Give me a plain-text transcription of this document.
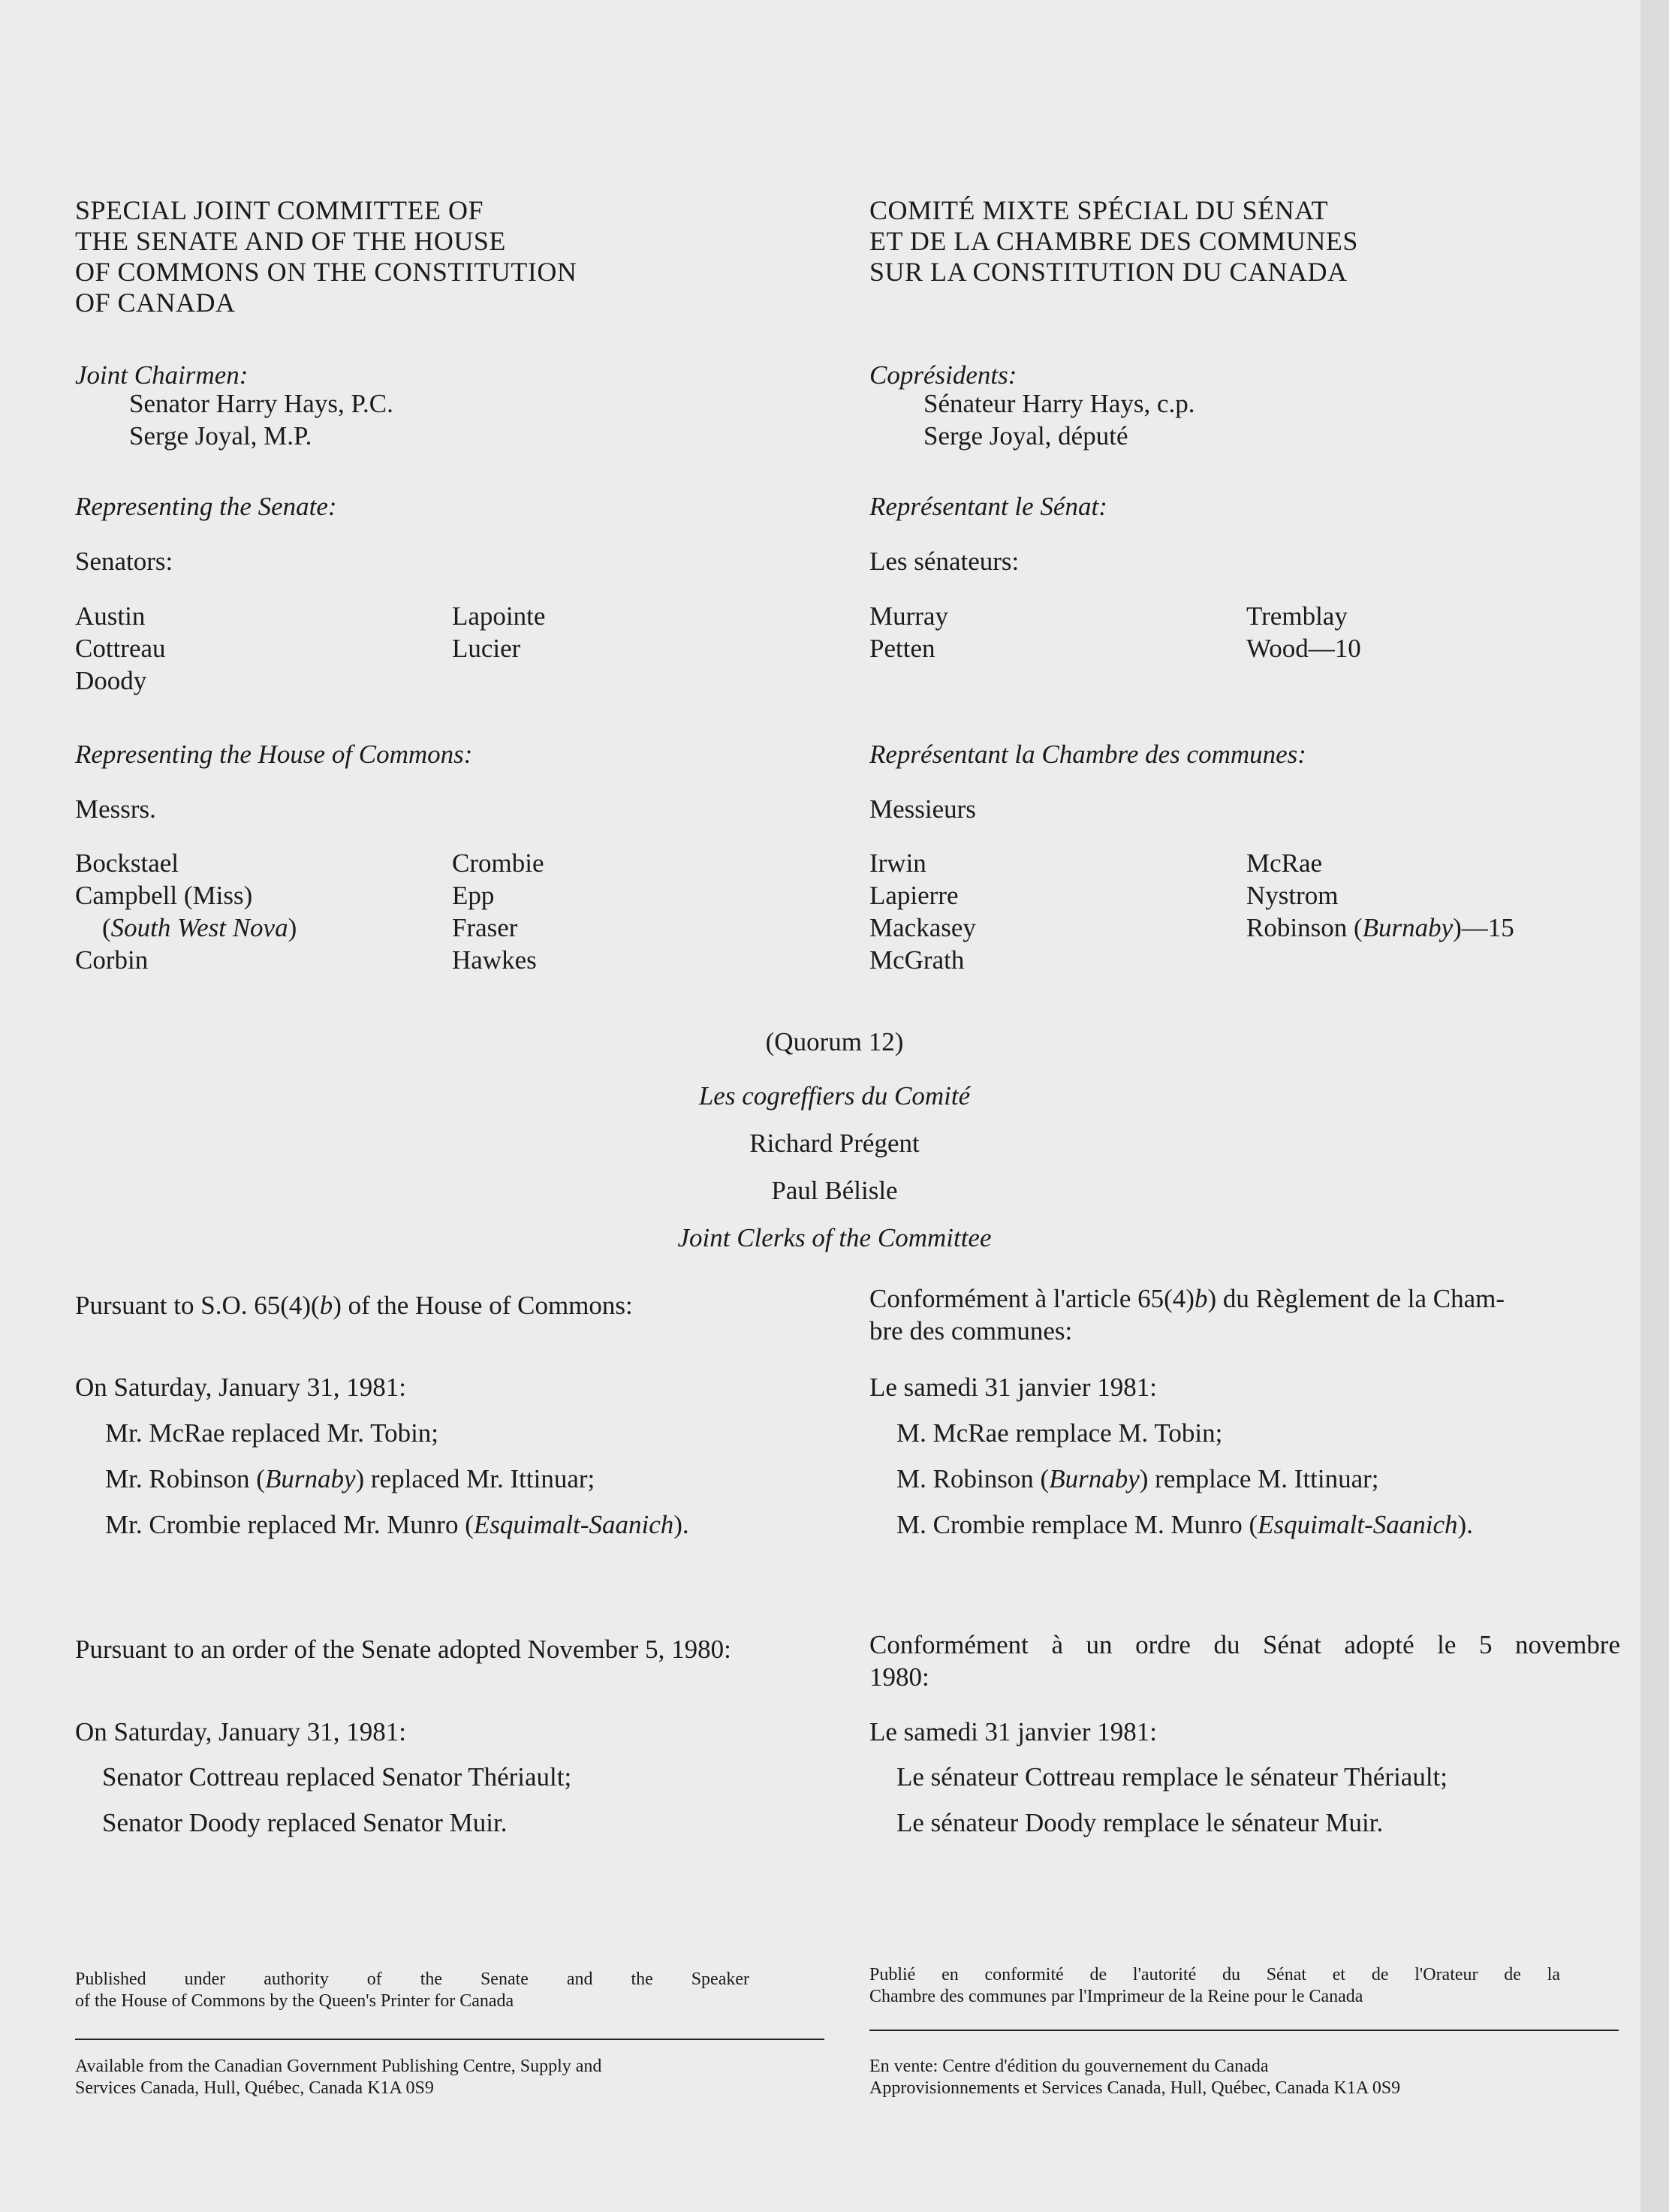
SPECIAL JOINT COMMITTEE OF
THE SENATE AND OF THE HOUSE
OF COMMONS ON THE CONSTITUTION
OF CANADA
Joint Chairmen:
Senator Harry Hays, P.C.
Serge Joyal, M.P.
Representing the Senate:
Senators:
Austin
Cottreau
Doody
Lapointe
Lucier
Representing the House of Commons:
Messrs.
Bockstael
Campbell (Miss)
(South West Nova)
Corbin
Crombie
Epp
Fraser
Hawkes
Pursuant to S.O. 65(4)(b) of the House of Commons:
On Saturday, January 31, 1981:
Mr. McRae replaced Mr. Tobin;
Mr. Robinson (Burnaby) replaced Mr. Ittinuar;
Mr. Crombie replaced Mr. Munro (Esquimalt-Saanich).
Pursuant to an order of the Senate adopted November 5, 1980:
On Saturday, January 31, 1981:
Senator Cottreau replaced Senator Thériault;
Senator Doody replaced Senator Muir.
Published under authority of the Senate and the Speaker
of the House of Commons by the Queen's Printer for Canada
Available from the Canadian Government Publishing Centre, Supply and
Services Canada, Hull, Québec, Canada K1A 0S9
COMITÉ MIXTE SPÉCIAL DU SÉNAT
ET DE LA CHAMBRE DES COMMUNES
SUR LA CONSTITUTION DU CANADA
Coprésidents:
Sénateur Harry Hays, c.p.
Serge Joyal, député
Représentant le Sénat:
Les sénateurs:
Murray
Petten
Tremblay
Wood—10
Représentant la Chambre des communes:
Messieurs
Irwin
Lapierre
Mackasey
McGrath
McRae
Nystrom
Robinson (Burnaby)—15
Conformément à l'article 65(4)b) du Règlement de la Cham-
bre des communes:
Le samedi 31 janvier 1981:
M. McRae remplace M. Tobin;
M. Robinson (Burnaby) remplace M. Ittinuar;
M. Crombie remplace M. Munro (Esquimalt-Saanich).
Conformément à un ordre du Sénat adopté le 5 novembre
1980:
Le samedi 31 janvier 1981:
Le sénateur Cottreau remplace le sénateur Thériault;
Le sénateur Doody remplace le sénateur Muir.
Publié en conformité de l'autorité du Sénat et de l'Orateur de la
Chambre des communes par l'Imprimeur de la Reine pour le Canada
En vente: Centre d'édition du gouvernement du Canada
Approvisionnements et Services Canada, Hull, Québec, Canada K1A 0S9
(Quorum 12)
Les cogreffiers du Comité
Richard Prégent
Paul Bélisle
Joint Clerks of the Committee
